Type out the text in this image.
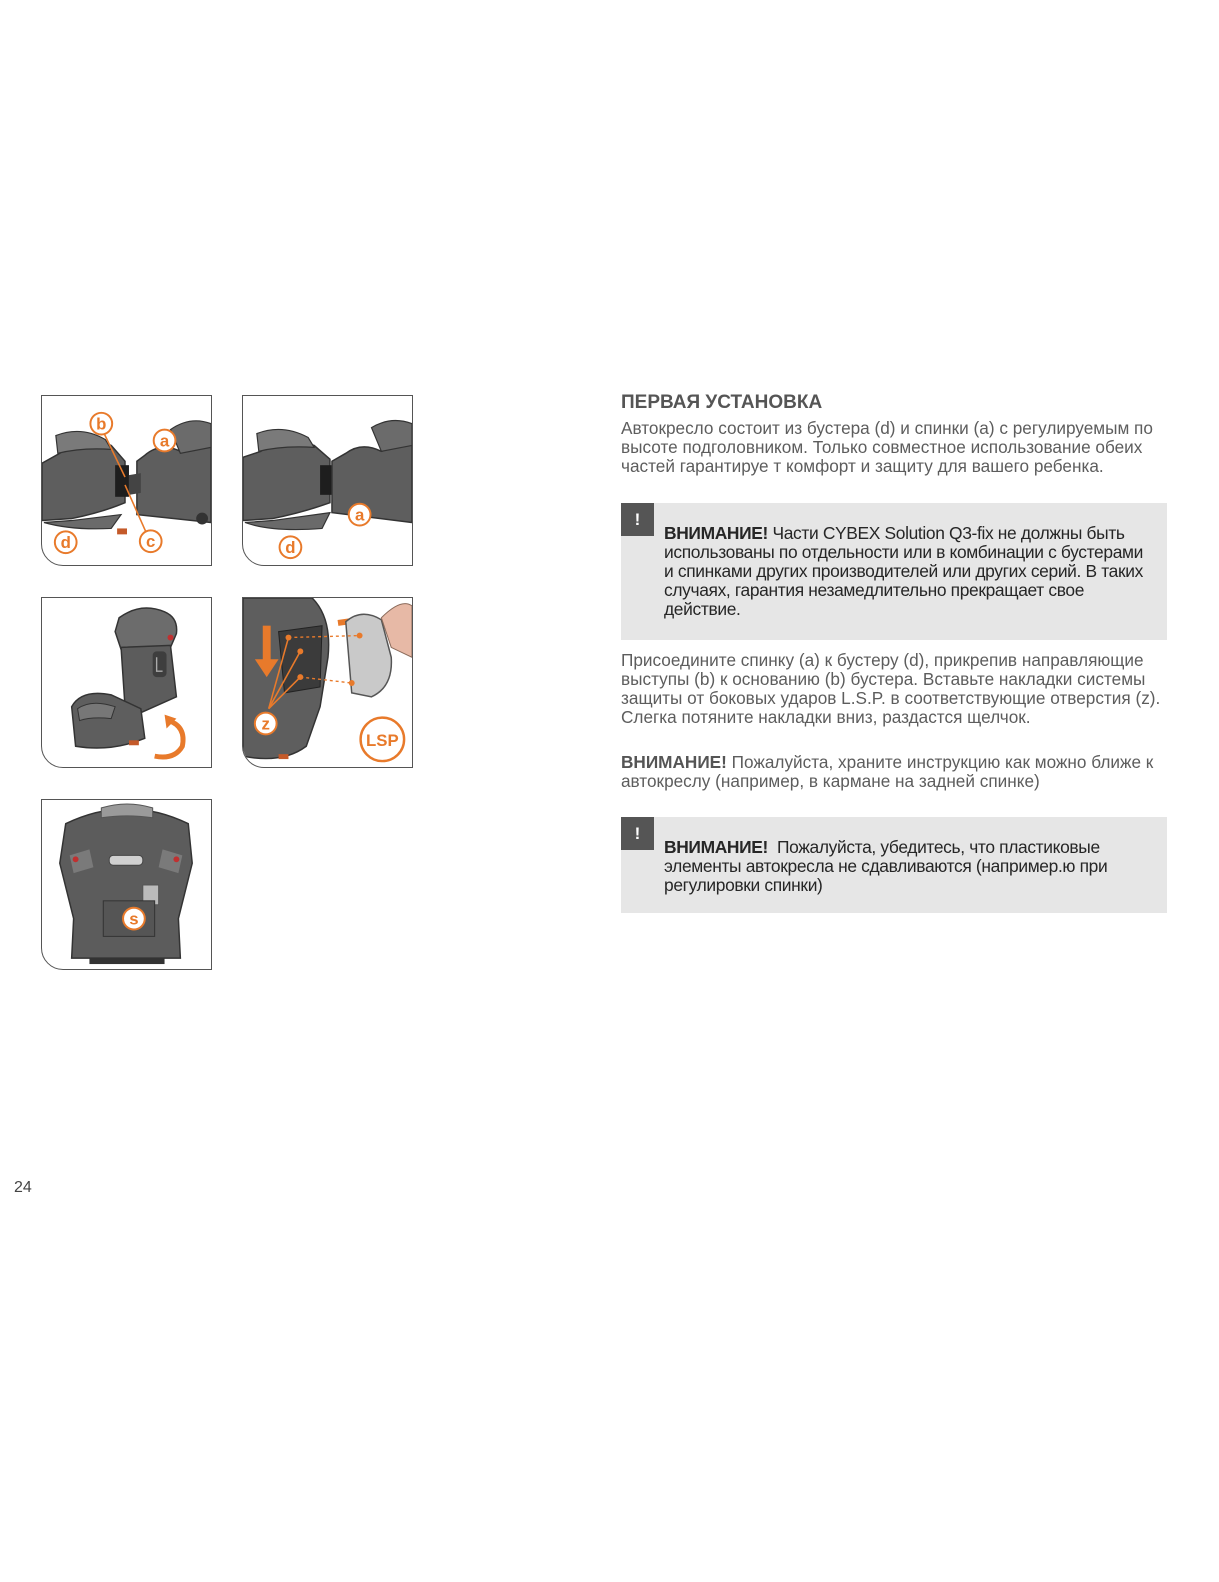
b
a
d	c
a
d
z
LSP
s
ПЕРВАЯ УСТАНОВКА

Автокресло состоит из бустера (d) и спинки (a) с регулируемым по высоте подголовником. Только совместное использование обеих частей гарантируе т комфорт и защиту для вашего ребенка.

!
ВНИМАНИЕ! Части CYBEX Solution Q3-fix не должны быть использованы по отдельности или в комбинации с бустерами и спинками других производителей или других серий. В таких случаях, гарантия незамедлительно прекращает свое действие.

Присоедините спинку (a) к бустеру (d), прикрепив направляющие выступы (b) к основанию (b) бустера. Вставьте накладки системы защиты от боковых ударов L.S.P. в соответствующие отверстия (z). Слегка потяните накладки вниз, раздастся щелчок.

ВНИМАНИЕ! Пожалуйста, храните инструкцию как можно ближе к автокреслу (например, в кармане на задней спинке)

!
ВНИМАНИЕ! Пожалуйста, убедитесь, что пластиковые элементы автокресла не сдавливаются (например.ю при регулировки спинки)
24
